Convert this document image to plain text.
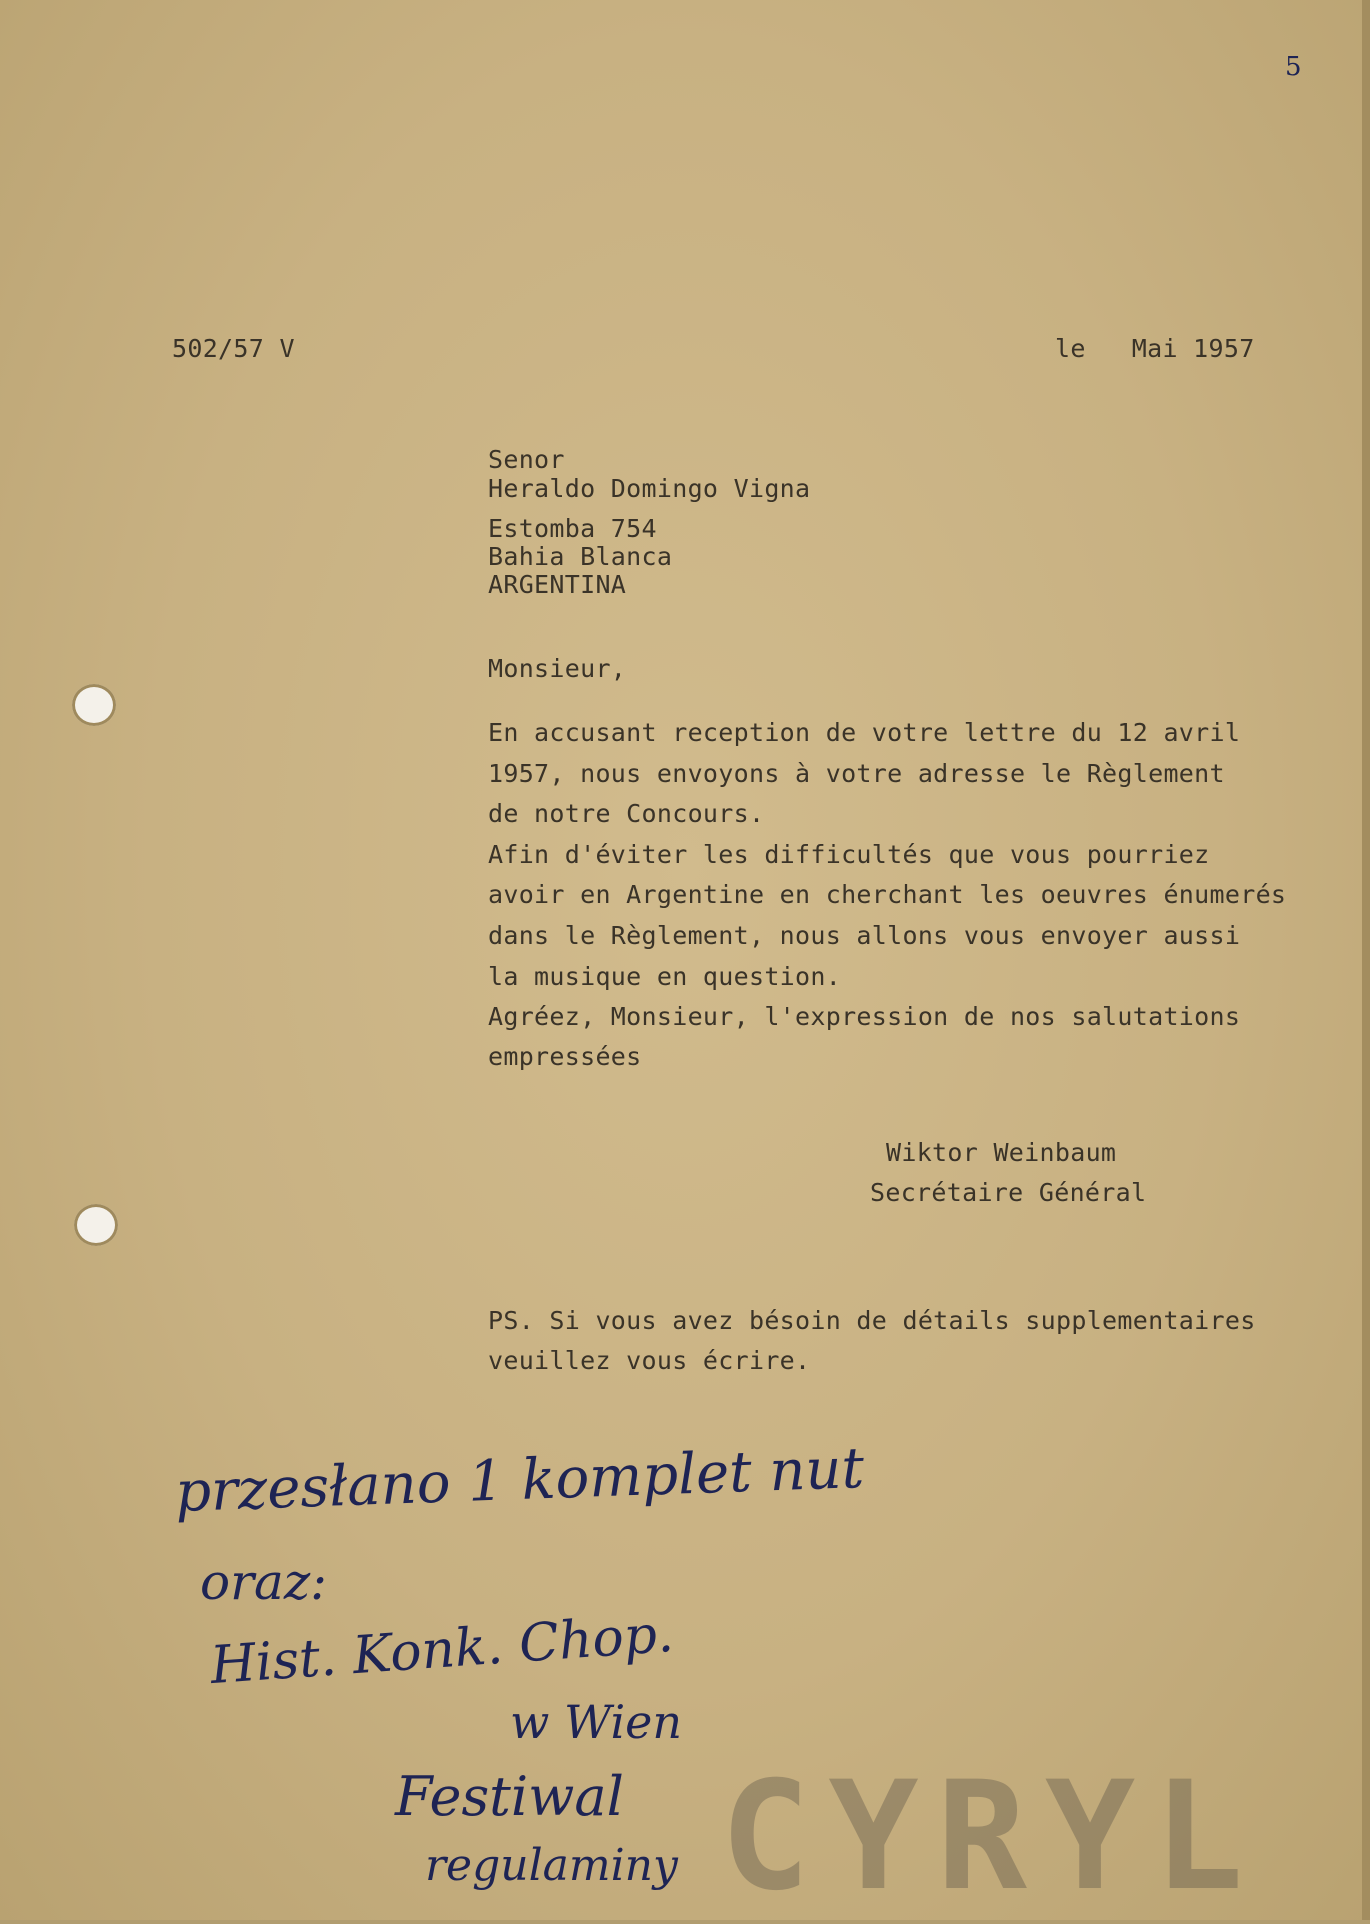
5
502/57 V	le   Mai 1957
Senor
Heraldo Domingo Vigna
Estomba 754
Bahia Blanca
ARGENTINA
Monsieur,
En accusant reception de votre lettre du 12 avril
1957, nous envoyons à votre adresse le Règlement
de notre Concours.
Afin d'éviter les difficultés que vous pourriez
avoir en Argentine en cherchant les oeuvres énumerés
dans le Règlement, nous allons vous envoyer aussi
la musique en question.
Agréez, Monsieur, l'expression de nos salutations
empressées
Wiktor Weinbaum
Secrétaire Général
PS. Si vous avez bésoin de détails supplementaires
veuillez vous écrire.
przesłano 1 komplet nut
oraz:
Hist. Konk. Chop.
w Wien
Festiwal
regulaminy CYRYL
